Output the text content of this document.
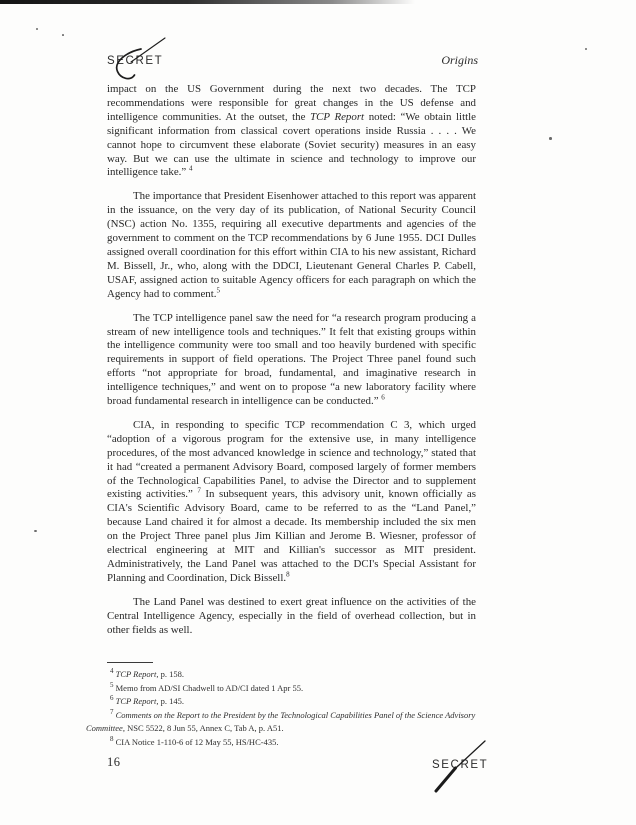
SECRET	Origins

impact on the US Government during the next two decades. The TCP recommendations were responsible for great changes in the US defense and intelligence communities. At the outset, the TCP Report noted: “We obtain little significant information from classical covert operations inside Russia . . . . We cannot hope to circumvent these elaborate (Soviet security) measures in an easy way. But we can use the ultimate in science and technology to improve our intelligence take.” $^4$

The importance that President Eisenhower attached to this report was apparent in the issuance, on the very day of its publication, of National Security Council (NSC) action No. 1355, requiring all executive departments and agencies of the government to comment on the TCP recommendations by 6 June 1955. DCI Dulles assigned overall coordination for this effort within CIA to his new assistant, Richard M. Bissell, Jr., who, along with the DDCI, Lieutenant General Charles P. Cabell, USAF, assigned action to suitable Agency officers for each paragraph on which the Agency had to comment.$^5$

The TCP intelligence panel saw the need for “a research program producing a stream of new intelligence tools and techniques.” It felt that existing groups within the intelligence community were too small and too heavily burdened with specific requirements in support of field operations. The Project Three panel found such efforts “not appropriate for broad, fundamental, and imaginative research in intelligence techniques,” and went on to propose “a new laboratory facility where broad fundamental research in intelligence can be conducted.” $^6$

CIA, in responding to specific TCP recommendation C 3, which urged “adoption of a vigorous program for the extensive use, in many intelligence procedures, of the most advanced knowledge in science and technology,” stated that it had “created a permanent Advisory Board, composed largely of former members of the Technological Capabilities Panel, to advise the Director and to supplement existing activities.” $^7$ In subsequent years, this advisory unit, known officially as CIA's Scientific Advisory Board, came to be referred to as the “Land Panel,” because Land chaired it for almost a decade. Its membership included the six men on the Project Three panel plus Jim Killian and Jerome B. Wiesner, professor of electrical engineering at MIT and Killian's successor as MIT president. Administratively, the Land Panel was attached to the DCI's Special Assistant for Planning and Coordination, Dick Bissell.$^8$

The Land Panel was destined to exert great influence on the activities of the Central Intelligence Agency, especially in the field of overhead collection, but in other fields as well.

$^4$ TCP Report, p. 158.

$^5$ Memo from AD/SI Chadwell to AD/CI dated 1 Apr 55.

$^6$ TCP Report, p. 145.

$^7$ Comments on the Report to the President by the Technological Capabilities Panel of the Science Advisory Committee, NSC 5522, 8 Jun 55, Annex C, Tab A, p. A51.

$^8$ CIA Notice 1-110-6 of 12 May 55, HS/HC-435.

16	SECRET
